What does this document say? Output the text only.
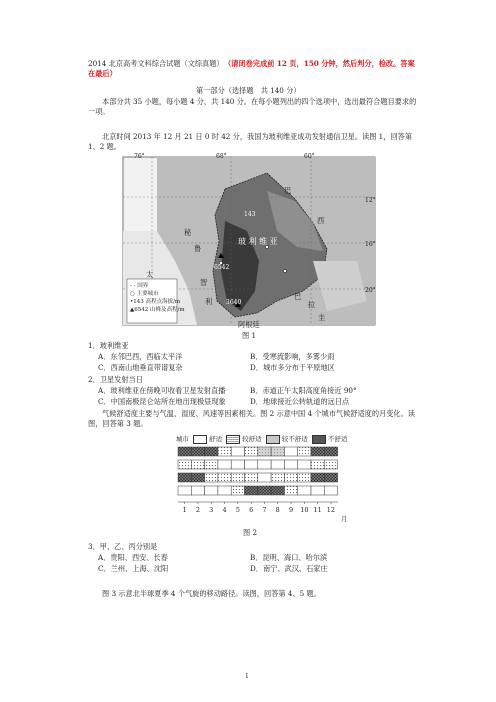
2014 北京高考文科综合试题（文综真题） （请闭卷完成前 12 页，150 分钟，然后判分，检改。答案在最后）
第一部分（选择题　共 140 分）
本部分共 35 小题，每小题 4 分，共 140 分。在每小题列出的四个选项中，选出最符合题目要求的一项。
北京时间 2013 年 12 月 21 日 0 时 42 分，我国为玻利维亚成功发射通信卫星。读图 1，回答第 1、2 题。
76°	68°	60°
12°
16°
20°
巴
西
秘
鲁
智
利
巴
拉
圭
阿根廷
玻 利 维 亚
太
143
3640
6542
- - 国界
○ 主要城市
•143 高程点海拔/m
▲6542 山峰及高程/m
图 1
1．玻利维亚
A．东邻巴西，西临太平洋	B．受寒流影响，多雾少雨
C．西南山地垂直带谱复杂	D．城市多分布于平原地区
2．卫星发射当日
A．玻利维亚在傍晚可收看卫星发射直播	B．赤道正午太阳高度角接近 90°
C．中国南极昆仑站所在地出现极昼现象	D．地球接近公转轨道的远日点
气候舒适度主要与气温、湿度、风速等因素相关。图 2 示意中国 4 个城市气候舒适度的月变化。读图，回答第 3 题。
城市	舒适	较舒适	较不舒适	不舒适
1 2 3 4 5 6 7 8 9 10 11 12
月
图 2
3．甲、乙、丙分别是
A．贵阳、西安、长春	B．昆明、海口、哈尔滨
C．兰州、上海、沈阳	D．南宁、武汉、石家庄
图 3 示意北半球夏季 4 个气旋的移动路径。读图，回答第 4、5 题。
1
